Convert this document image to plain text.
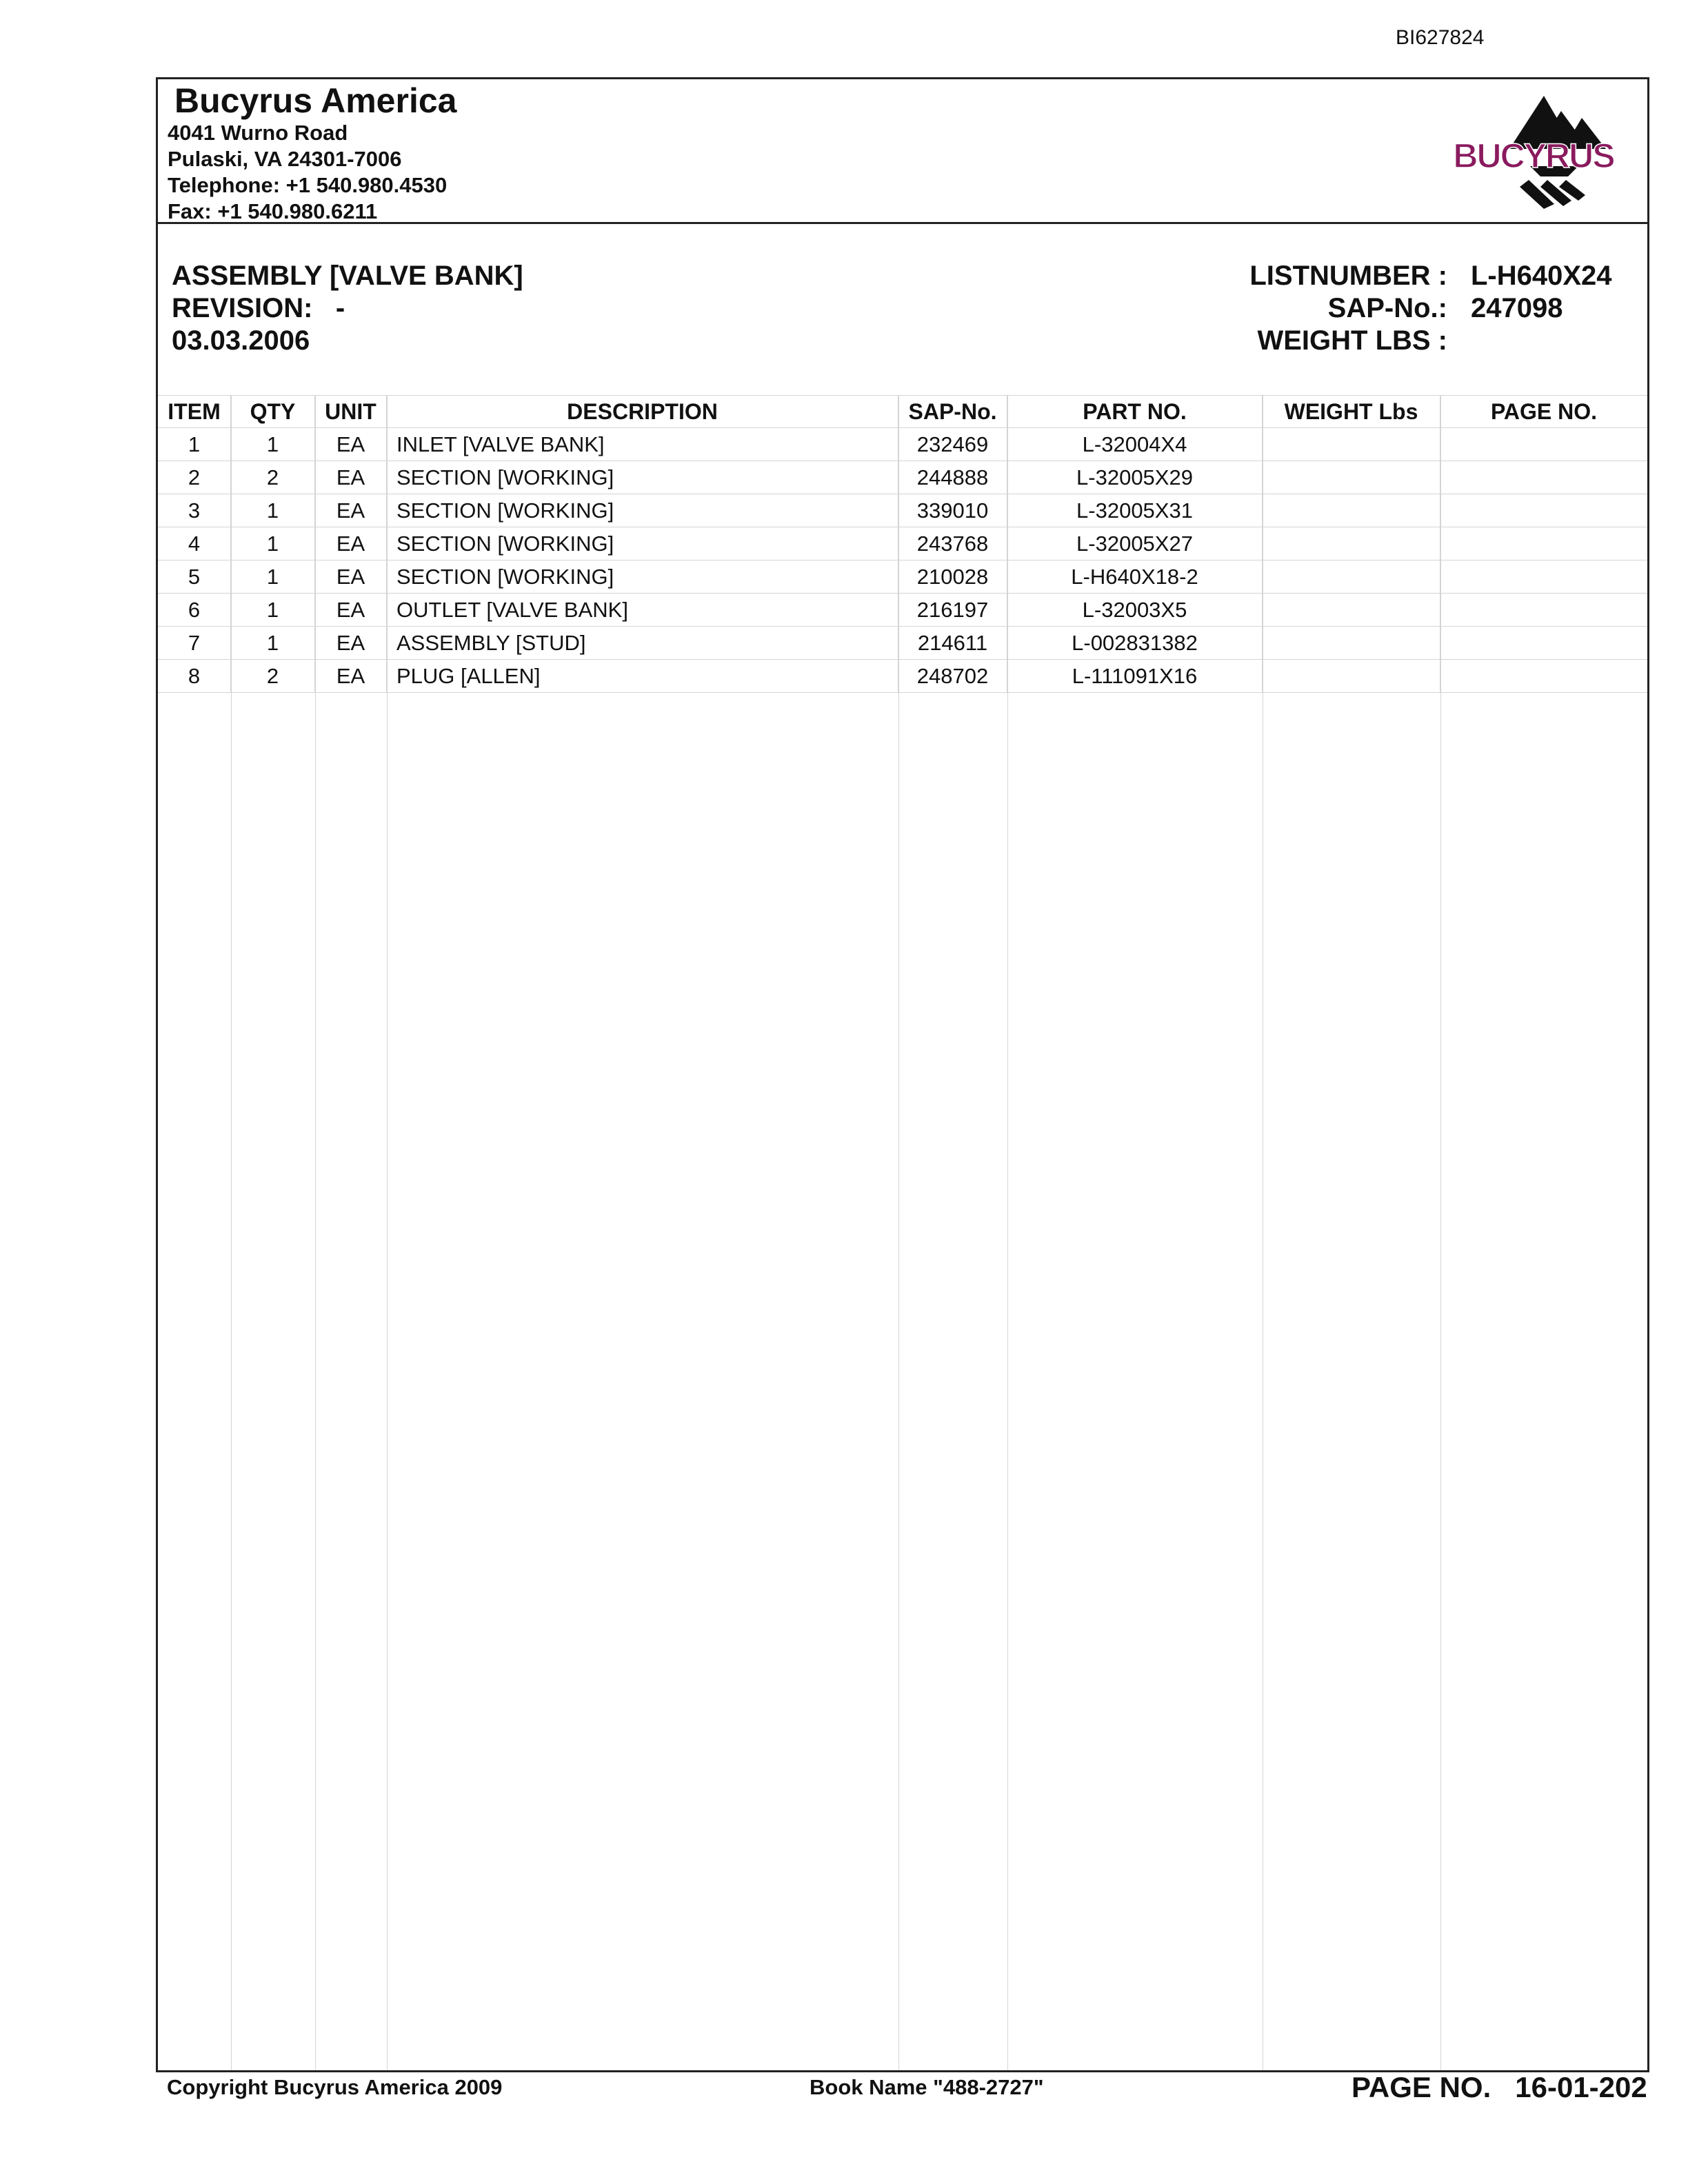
BI627824
Bucyrus America
4041 Wurno Road
Pulaski, VA 24301-7006
Telephone: +1 540.980.4530
Fax: +1 540.980.6211
BUCYRUS
ITEM	QTY	UNIT	DESCRIPTION	SAP-No.	PART NO.	WEIGHT Lbs	PAGE NO.
1	1	EA	INLET [VALVE BANK]	232469	L-32004X4
2	2	EA	SECTION [WORKING]	244888	L-32005X29
3	1	EA	SECTION [WORKING]	339010	L-32005X31
4	1	EA	SECTION [WORKING]	243768	L-32005X27
5	1	EA	SECTION [WORKING]	210028	L-H640X18-2
6	1	EA	OUTLET [VALVE BANK]	216197	L-32003X5
7	1	EA	ASSEMBLY [STUD]	214611	L-002831382
8	2	EA	PLUG [ALLEN]	248702	L-111091X16
ASSEMBLY [VALVE BANK]
REVISION: -
03.03.2006
LISTNUMBER : L-H640X24
SAP-No.: 247098
WEIGHT LBS :
Copyright Bucyrus America 2009	Book Name "488-2727"	PAGE NO. 16-01-202
